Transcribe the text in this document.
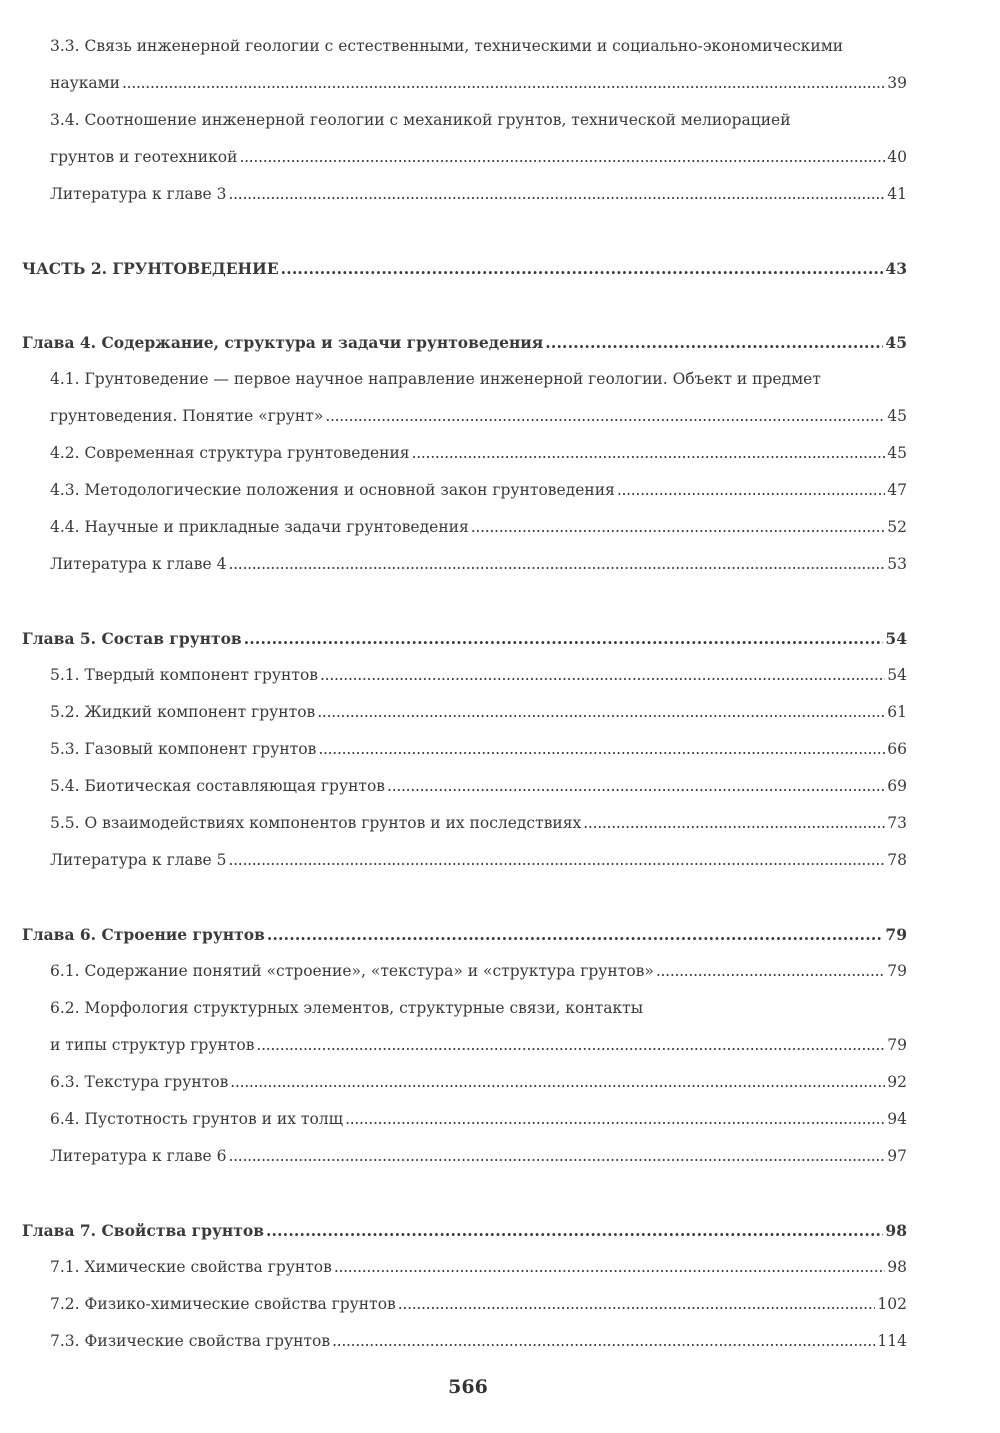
3.3. Связь инженерной геологии с естественными, техническими и социально-экономическими
науками . . .	39
3.4. Соотношение инженерной геологии с механикой грунтов, технической мелиорацией
грунтов и геотехникой . . .	40
Литература к главе 3 . . .	41
ЧАСТЬ 2. ГРУНТОВЕДЕНИЕ . . .	43
Глава 4. Содержание, структура и задачи грунтоведения . . .	45
4.1. Грунтоведение — первое научное направление инженерной геологии. Объект и предмет
грунтоведения. Понятие «грунт» . . .	45
4.2. Современная структура грунтоведения . . .	45
4.3. Методологические положения и основной закон грунтоведения . . .	47
4.4. Научные и прикладные задачи грунтоведения . . .	52
Литература к главе 4 . . .	53
Глава 5. Состав грунтов . . .	54
5.1. Твердый компонент грунтов . . .	54
5.2. Жидкий компонент грунтов . . .	61
5.3. Газовый компонент грунтов . . .	66
5.4. Биотическая составляющая грунтов . . .	69
5.5. О взаимодействиях компонентов грунтов и их последствиях . . .	73
Литература к главе 5 . . .	78
Глава 6. Строение грунтов . . .	79
6.1. Содержание понятий «строение», «текстура» и «структура грунтов» . . .	79
6.2. Морфология структурных элементов, структурные связи, контакты
и типы структур грунтов . . .	79
6.3. Текстура грунтов . . .	92
6.4. Пустотность грунтов и их толщ . . .	94
Литература к главе 6 . . .	97
Глава 7. Свойства грунтов . . .	98
7.1. Химические свойства грунтов . . .	98
7.2. Физико-химические свойства грунтов . . .	102
7.3. Физические свойства грунтов . . .	114
566
